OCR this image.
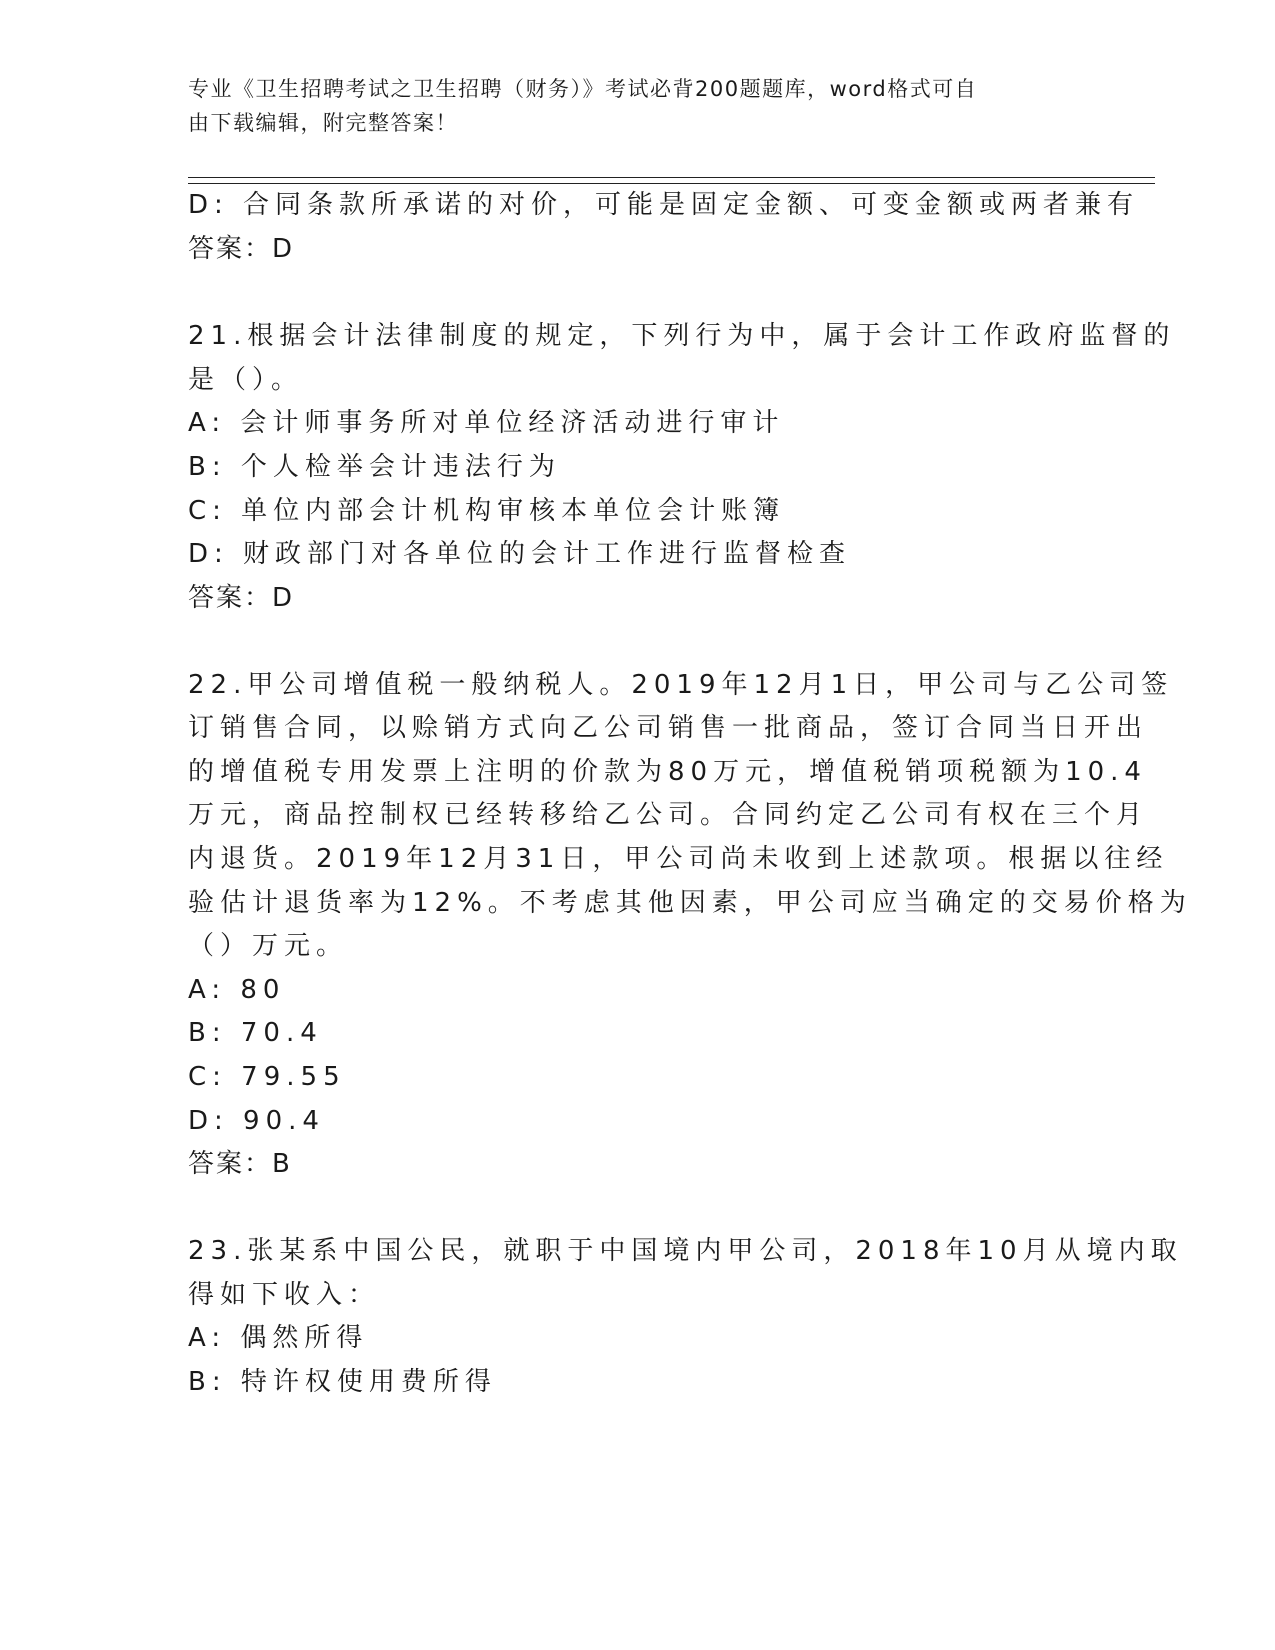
专业《卫生招聘考试之卫生招聘（财务）》考试必背200题题库，word格式可自
由下载编辑，附完整答案！
D: 合同条款所承诺的对价，可能是固定金额、可变金额或两者兼有
答案：D
21.根据会计法律制度的规定，下列行为中，属于会计工作政府监督的
是（）。
A: 会计师事务所对单位经济活动进行审计
B: 个人检举会计违法行为
C: 单位内部会计机构审核本单位会计账簿
D: 财政部门对各单位的会计工作进行监督检查
答案：D
22.甲公司增值税一般纳税人。2019年12月1日，甲公司与乙公司签
订销售合同，以赊销方式向乙公司销售一批商品，签订合同当日开出
的增值税专用发票上注明的价款为80万元，增值税销项税额为10.4
万元，商品控制权已经转移给乙公司。合同约定乙公司有权在三个月
内退货。2019年12月31日，甲公司尚未收到上述款项。根据以往经
验估计退货率为12%。不考虑其他因素，甲公司应当确定的交易价格为
（）万元。
A: 80
B: 70.4
C: 79.55
D: 90.4
答案：B
23.张某系中国公民，就职于中国境内甲公司，2018年10月从境内取
得如下收入：
A: 偶然所得
B: 特许权使用费所得
